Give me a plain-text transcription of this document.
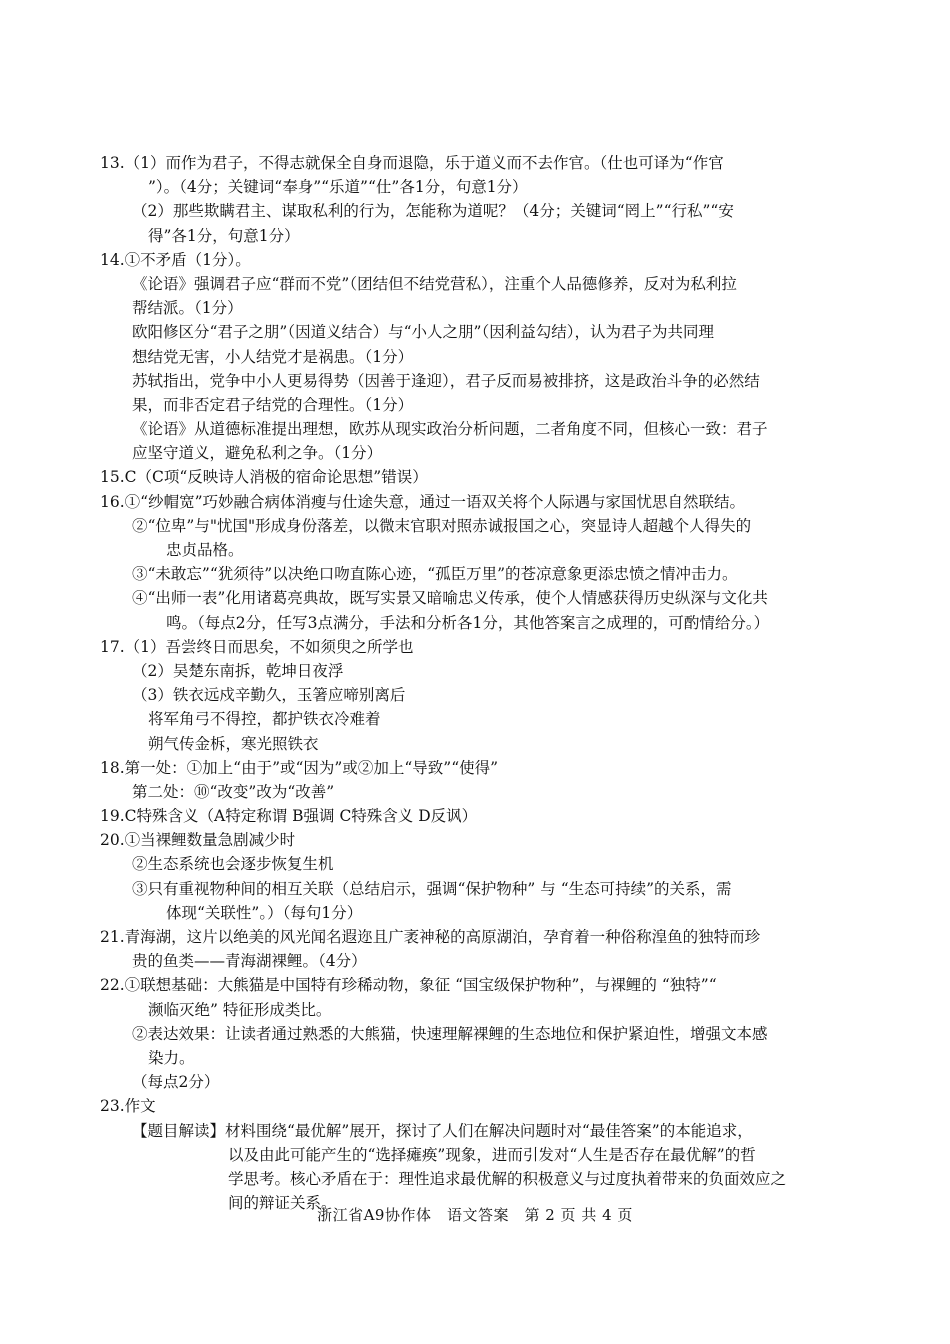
13.（1）而作为君子，不得志就保全自身而退隐，乐于道义而不去作官。（仕也可译为“作官
”）。（4分；关键词“奉身”“乐道”“仕”各1分，句意1分）
（2）那些欺瞒君主、谋取私利的行为，怎能称为道呢？（4分；关键词“罔上”“行私”“安
得”各1分，句意1分）
14.①不矛盾（1分）。
《论语》强调君子应“群而不党”（团结但不结党营私），注重个人品德修养，反对为私利拉
帮结派。（1分）
欧阳修区分“君子之朋”（因道义结合）与“小人之朋”（因利益勾结），认为君子为共同理
想结党无害，小人结党才是祸患。（1分）
苏轼指出，党争中小人更易得势（因善于逢迎），君子反而易被排挤，这是政治斗争的必然结
果，而非否定君子结党的合理性。（1分）
《论语》从道德标准提出理想，欧苏从现实政治分析问题，二者角度不同，但核心一致：君子
应坚守道义，避免私利之争。（1分）
15.C（C项“反映诗人消极的宿命论思想”错误）
16.①“纱帽宽”巧妙融合病体消瘦与仕途失意，通过一语双关将个人际遇与家国忧思自然联结。
②“位卑”与"忧国"形成身份落差，以微末官职对照赤诚报国之心，突显诗人超越个人得失的
忠贞品格。
③“未敢忘”“犹须待”以决绝口吻直陈心迹，“孤臣万里”的苍凉意象更添忠愤之情冲击力。
④“出师一表”化用诸葛亮典故，既写实景又暗喻忠义传承，使个人情感获得历史纵深与文化共
鸣。（每点2分，任写3点满分，手法和分析各1分，其他答案言之成理的，可酌情给分。）
17.（1）吾尝终日而思矣，不如须臾之所学也
（2）吴楚东南拆，乾坤日夜浮
（3）铁衣远戍辛勤久，玉箸应啼别离后
将军角弓不得控，都护铁衣冷难着
朔气传金柝，寒光照铁衣
18.第一处：①加上“由于”或“因为”或②加上“导致”“使得”
第二处：⑩“改变”改为“改善”
19.C特殊含义（A特定称谓 B强调 C特殊含义 D反讽）
20.①当裸鲤数量急剧减少时
②生态系统也会逐步恢复生机
③只有重视物种间的相互关联（总结启示，强调“保护物种” 与 “生态可持续”的关系，需
体现“关联性”。）（每句1分）
21.青海湖，这片以绝美的风光闻名遐迩且广袤神秘的高原湖泊，孕育着一种俗称湟鱼的独特而珍
贵的鱼类——青海湖裸鲤。（4分）
22.①联想基础：大熊猫是中国特有珍稀动物，象征 “国宝级保护物种”，与裸鲤的 “独特”“
濒临灭绝” 特征形成类比。
②表达效果：让读者通过熟悉的大熊猫，快速理解裸鲤的生态地位和保护紧迫性，增强文本感
染力。
（每点2分）
23.作文
【题目解读】材料围绕“最优解”展开，探讨了人们在解决问题时对“最佳答案”的本能追求，
以及由此可能产生的“选择瘫痪”现象，进而引发对“人生是否存在最优解”的哲
学思考。核心矛盾在于：理性追求最优解的积极意义与过度执着带来的负面效应之
间的辩证关系。
浙江省A9协作体　语文答案　第 2 页 共 4 页
